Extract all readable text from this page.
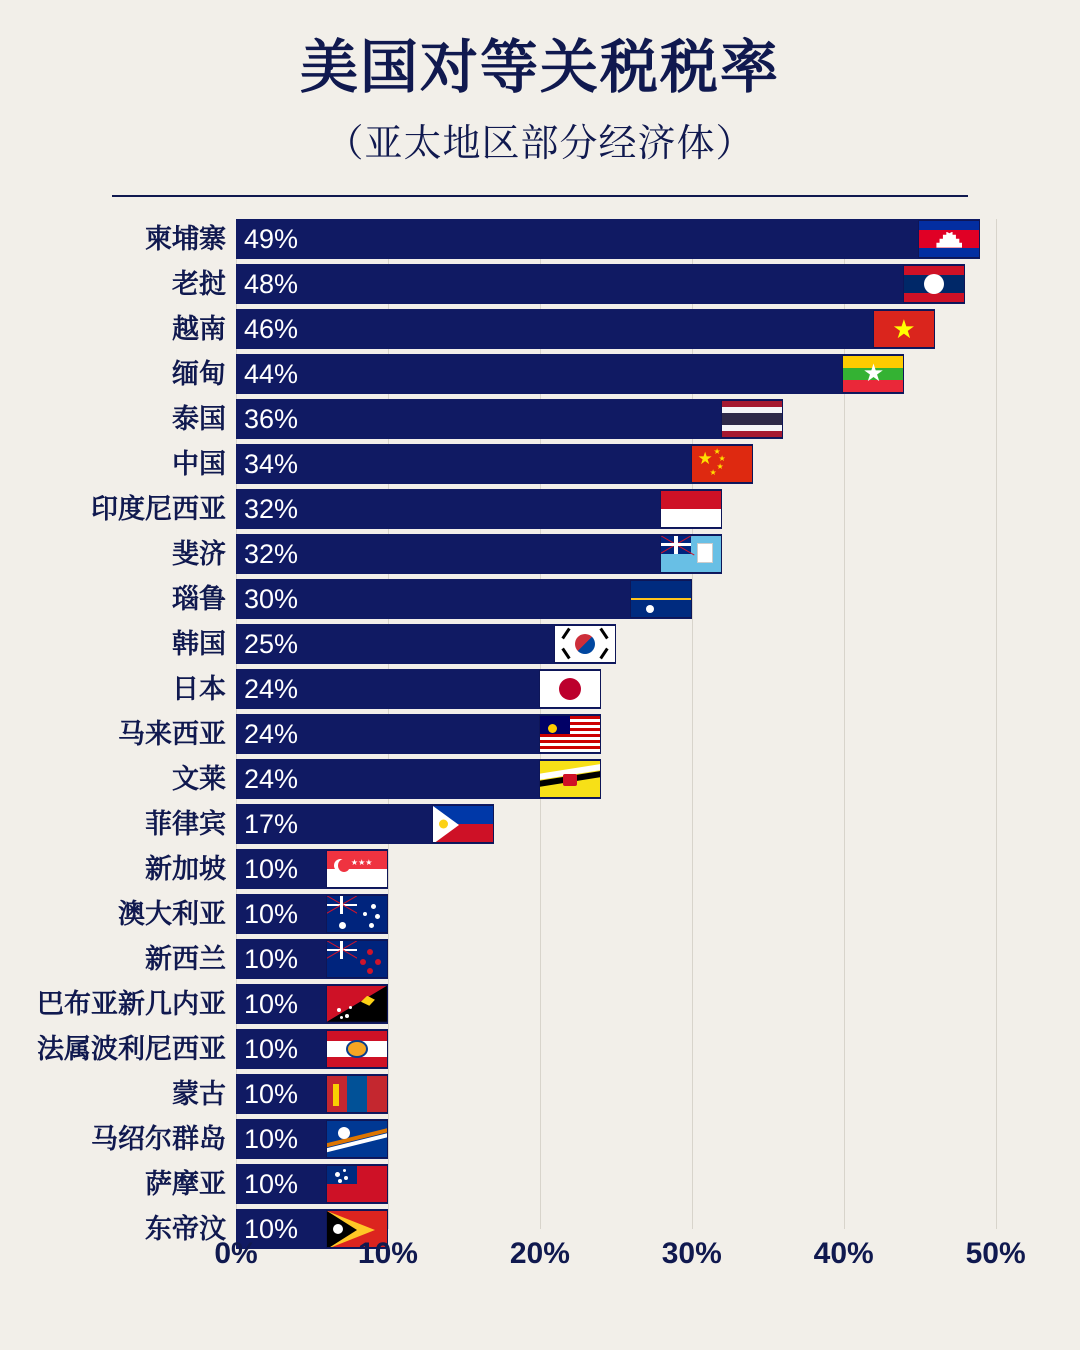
美国对等关税税率
（亚太地区部分经济体）
柬埔寨 49%
老挝 48%
越南 46%	★
缅甸 44%	★
泰国 36%
中国 34%	★ ★
★
★
★
印度尼西亚 32%
斐济 32%
瑙鲁 30%
韩国 25%
日本 24%
马来西亚 24%
文莱 24%
菲律宾 17%
新加坡 10%	★★★
澳大利亚 10%
新西兰 10%
巴布亚新几内亚 10%
法属波利尼西亚 10%
蒙古 10%
马绍尔群岛 10%
萨摩亚 10%
东帝汶 10%
0%	10%	20%	30%	40%	50%
